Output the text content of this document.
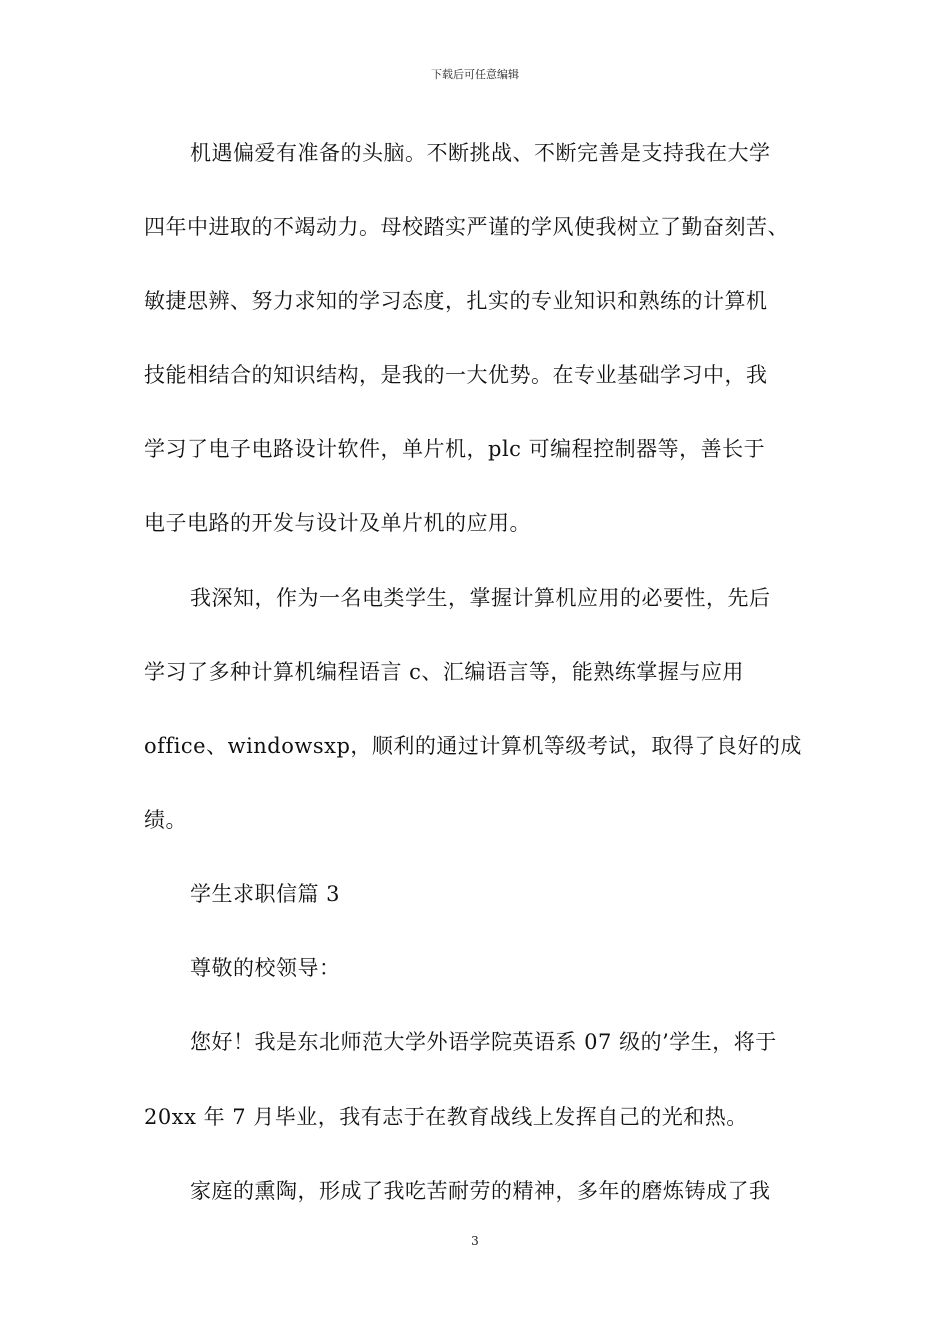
下载后可任意编辑
机遇偏爱有准备的头脑。不断挑战、不断完善是支持我在大学
四年中进取的不竭动力。母校踏实严谨的学风使我树立了勤奋刻苦、
敏捷思辨、努力求知的学习态度，扎实的专业知识和熟练的计算机
技能相结合的知识结构，是我的一大优势。在专业基础学习中，我
学习了电子电路设计软件，单片机，plc 可编程控制器等，善长于
电子电路的开发与设计及单片机的应用。
我深知，作为一名电类学生，掌握计算机应用的必要性，先后
学习了多种计算机编程语言 c、汇编语言等，能熟练掌握与应用
office、windowsxp，顺利的通过计算机等级考试，取得了良好的成
绩。
学生求职信篇 3
尊敬的校领导：
您好！我是东北师范大学外语学院英语系 07 级的’学生，将于
20xx 年 7 月毕业，我有志于在教育战线上发挥自己的光和热。
家庭的熏陶，形成了我吃苦耐劳的精神，多年的磨炼铸成了我
3
